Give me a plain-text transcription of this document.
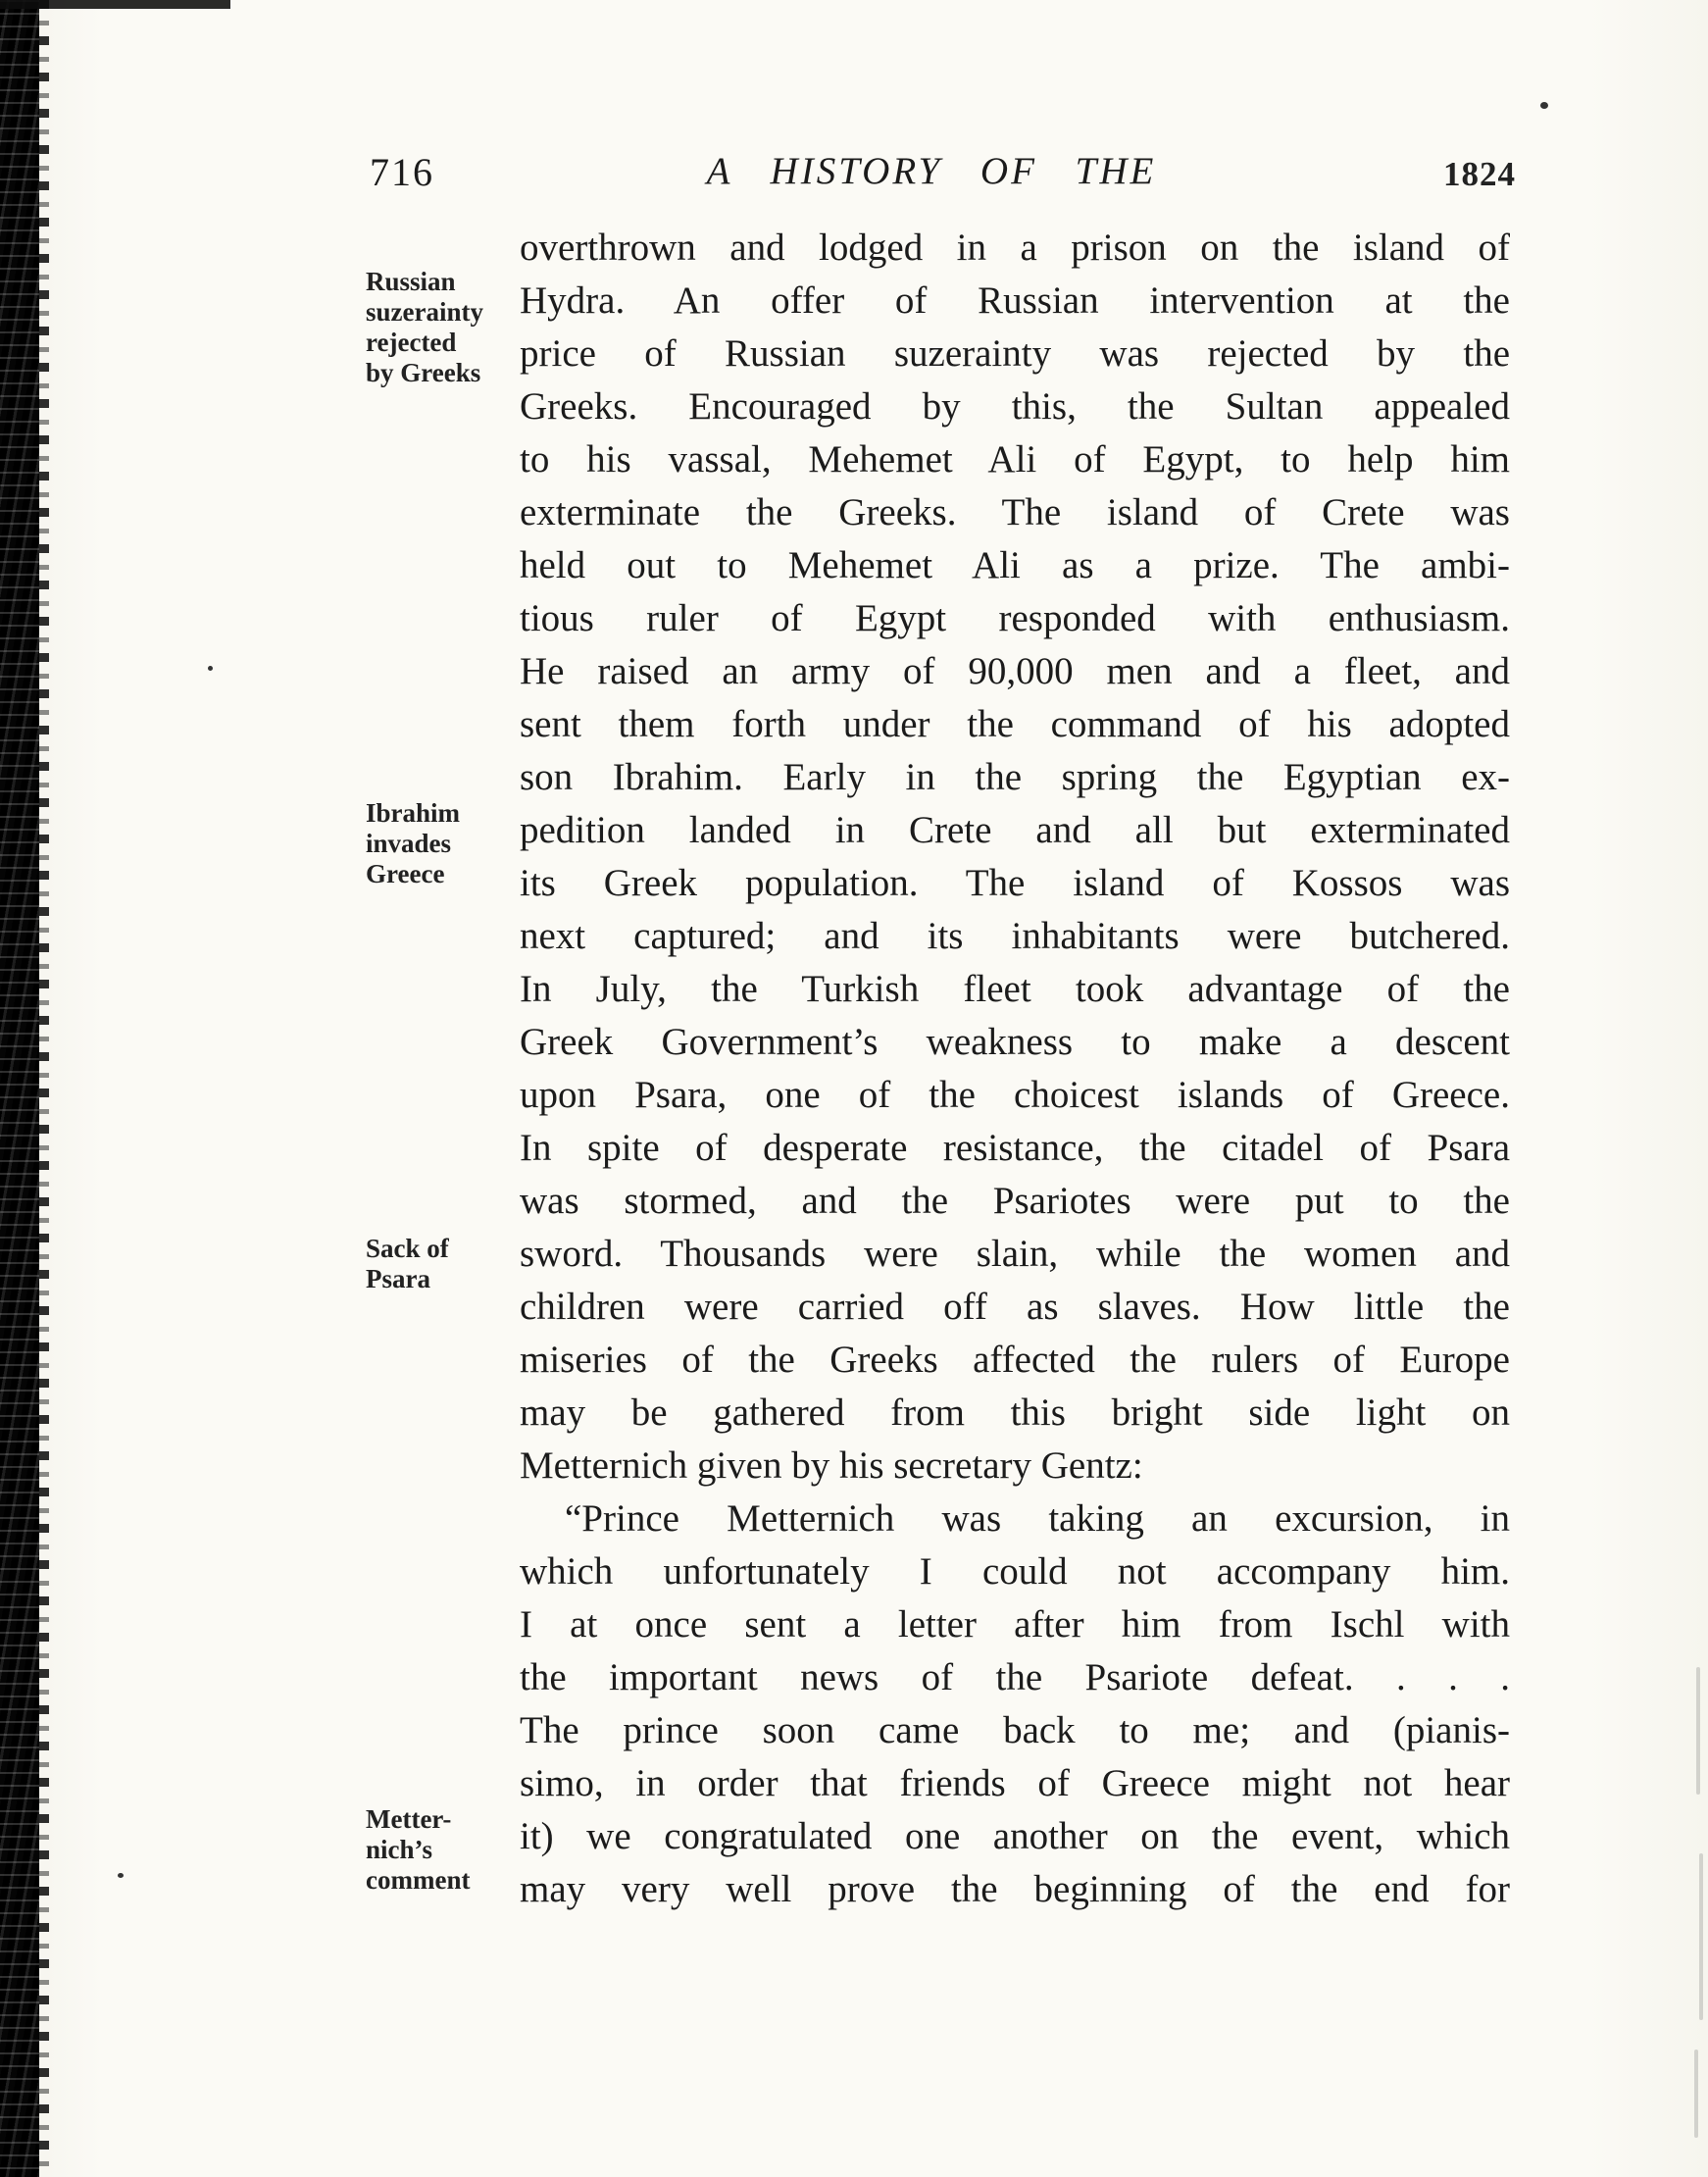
716	A HISTORY OF THE	1824
Russian
suzerainty
rejected
by Greeks
Ibrahim
invades
Greece
Sack of
Psara
Metter-
nich’s
comment
overthrown and lodged in a prison on the island of
Hydra. An offer of Russian intervention at the
price of Russian suzerainty was rejected by the
Greeks. Encouraged by this, the Sultan appealed
to his vassal, Mehemet Ali of Egypt, to help him
exterminate the Greeks. The island of Crete was
held out to Mehemet Ali as a prize. The ambi-
tious ruler of Egypt responded with enthusiasm.
He raised an army of 90,000 men and a fleet, and
sent them forth under the command of his adopted
son Ibrahim. Early in the spring the Egyptian ex-
pedition landed in Crete and all but exterminated
its Greek population. The island of Kossos was
next captured; and its inhabitants were butchered.
In July, the Turkish fleet took advantage of the
Greek Government’s weakness to make a descent
upon Psara, one of the choicest islands of Greece.
In spite of desperate resistance, the citadel of Psara
was stormed, and the Psariotes were put to the
sword. Thousands were slain, while the women and
children were carried off as slaves. How little the
miseries of the Greeks affected the rulers of Europe
may be gathered from this bright side light on
Metternich given by his secretary Gentz:
“Prince Metternich was taking an excursion, in
which unfortunately I could not accompany him.
I at once sent a letter after him from Ischl with
the important news of the Psariote defeat. . . .
The prince soon came back to me; and (pianis-
simo, in order that friends of Greece might not hear
it) we congratulated one another on the event, which
may very well prove the beginning of the end for
